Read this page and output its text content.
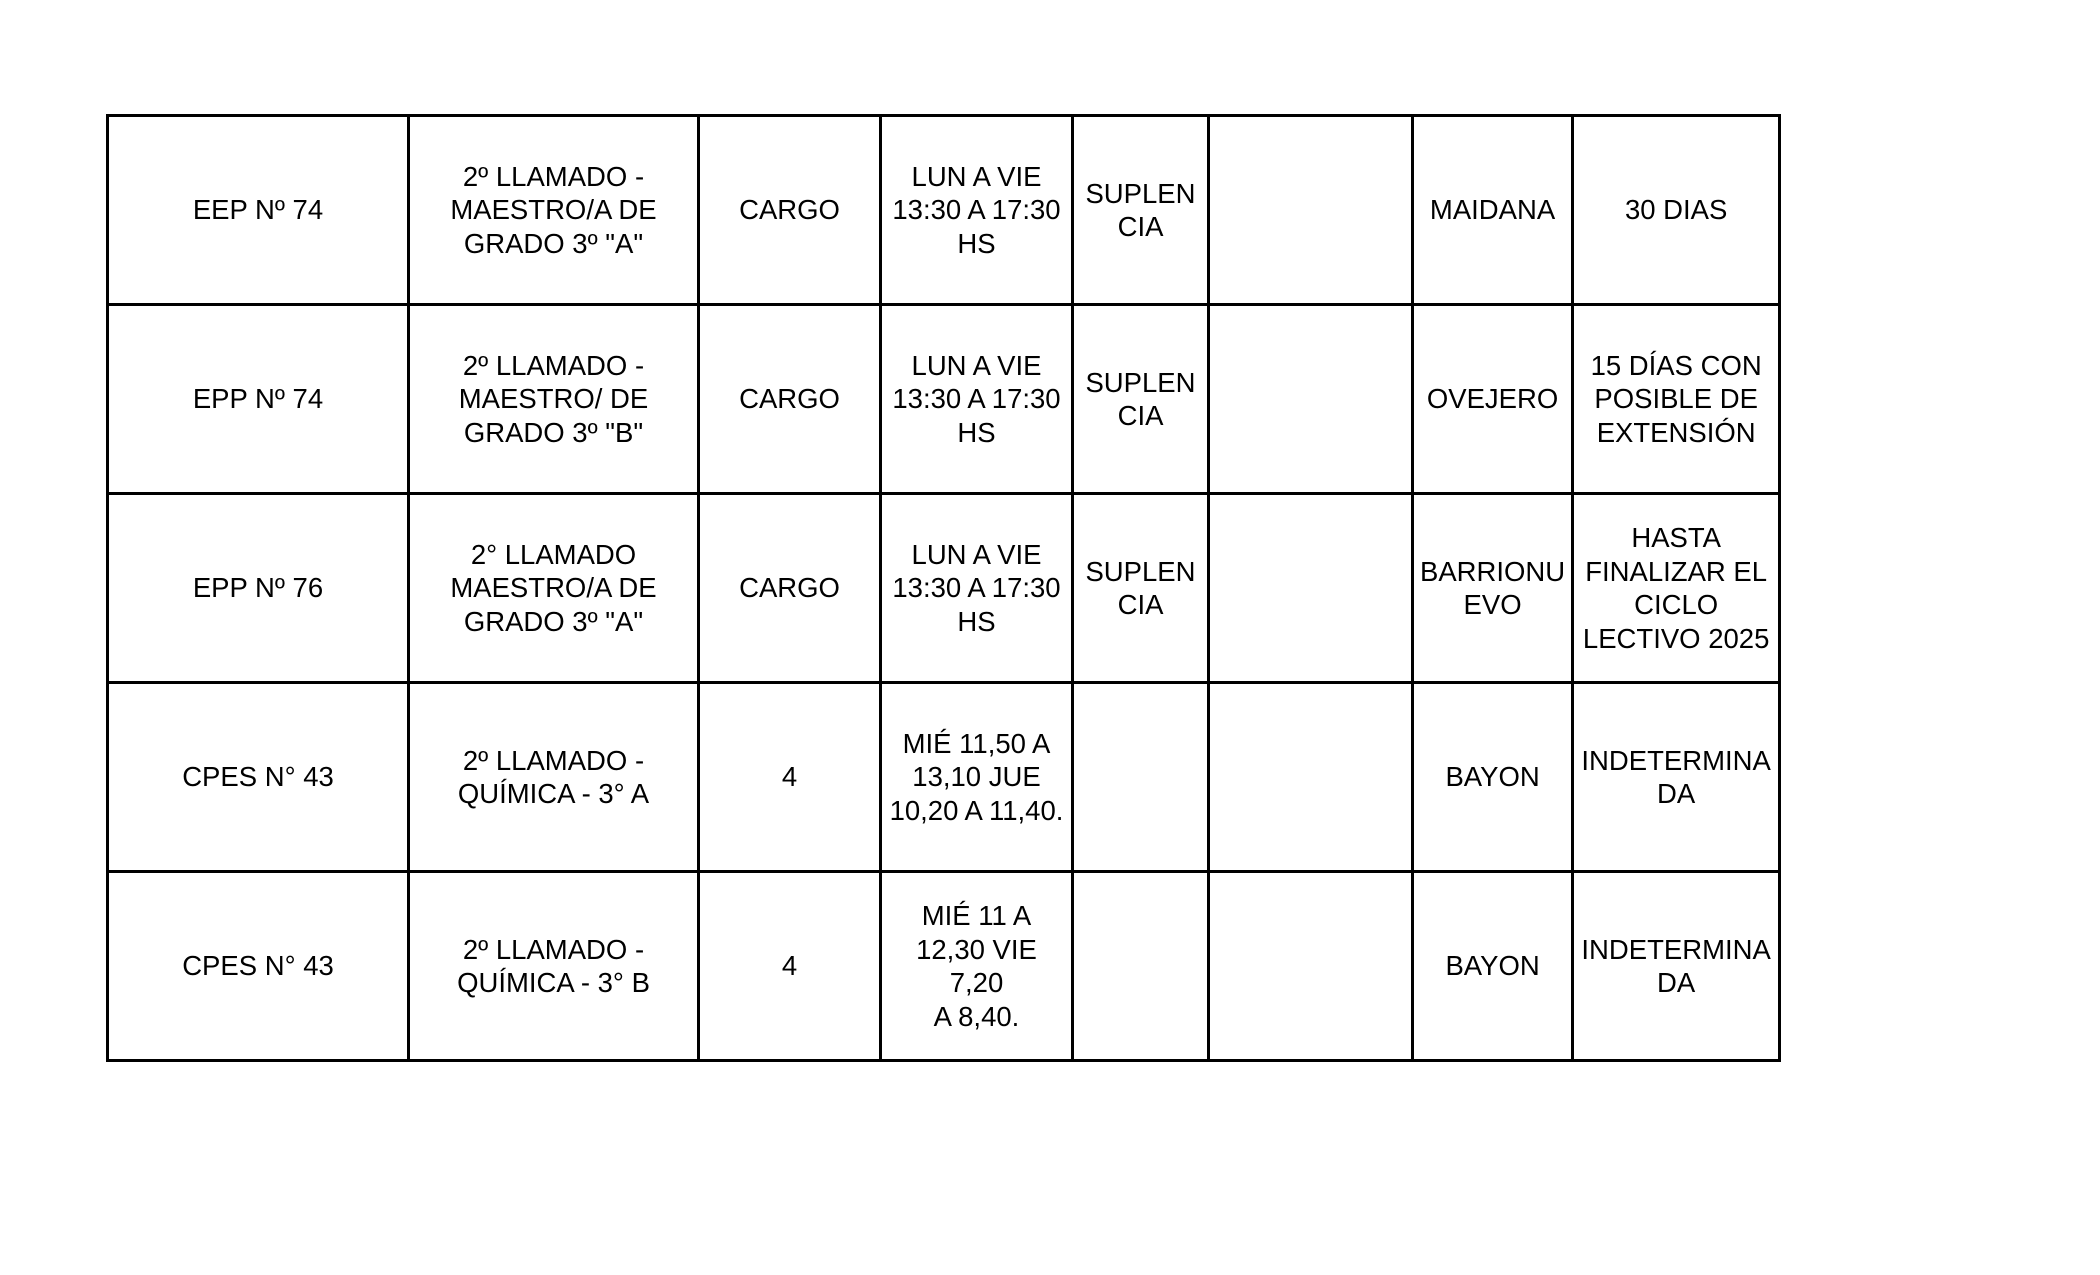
EEP Nº 74	2º LLAMADO -
MAESTRO/A DE
GRADO 3º "A"	CARGO	LUN A VIE
13:30 A 17:30
HS	SUPLEN
CIA		MAIDANA	30 DIAS
EPP Nº 74	2º LLAMADO -
MAESTRO/ DE
GRADO 3º "B"	CARGO	LUN A VIE
13:30 A 17:30
HS	SUPLEN
CIA		OVEJERO	15 DÍAS CON
POSIBLE DE
EXTENSIÓN
EPP Nº 76	2° LLAMADO
MAESTRO/A DE
GRADO 3º "A"	CARGO	LUN A VIE
13:30 A 17:30
HS	SUPLEN
CIA		BARRIONU
EVO	HASTA
FINALIZAR EL
CICLO
LECTIVO 2025
CPES N° 43	2º LLAMADO -
QUÍMICA - 3° A	4	MIÉ 11,50 A
13,10 JUE
10,20 A 11,40.			BAYON	INDETERMINA
DA
CPES N° 43	2º LLAMADO -
QUÍMICA - 3° B	4	MIÉ 11 A
12,30 VIE 7,20
A 8,40.			BAYON	INDETERMINA
DA
